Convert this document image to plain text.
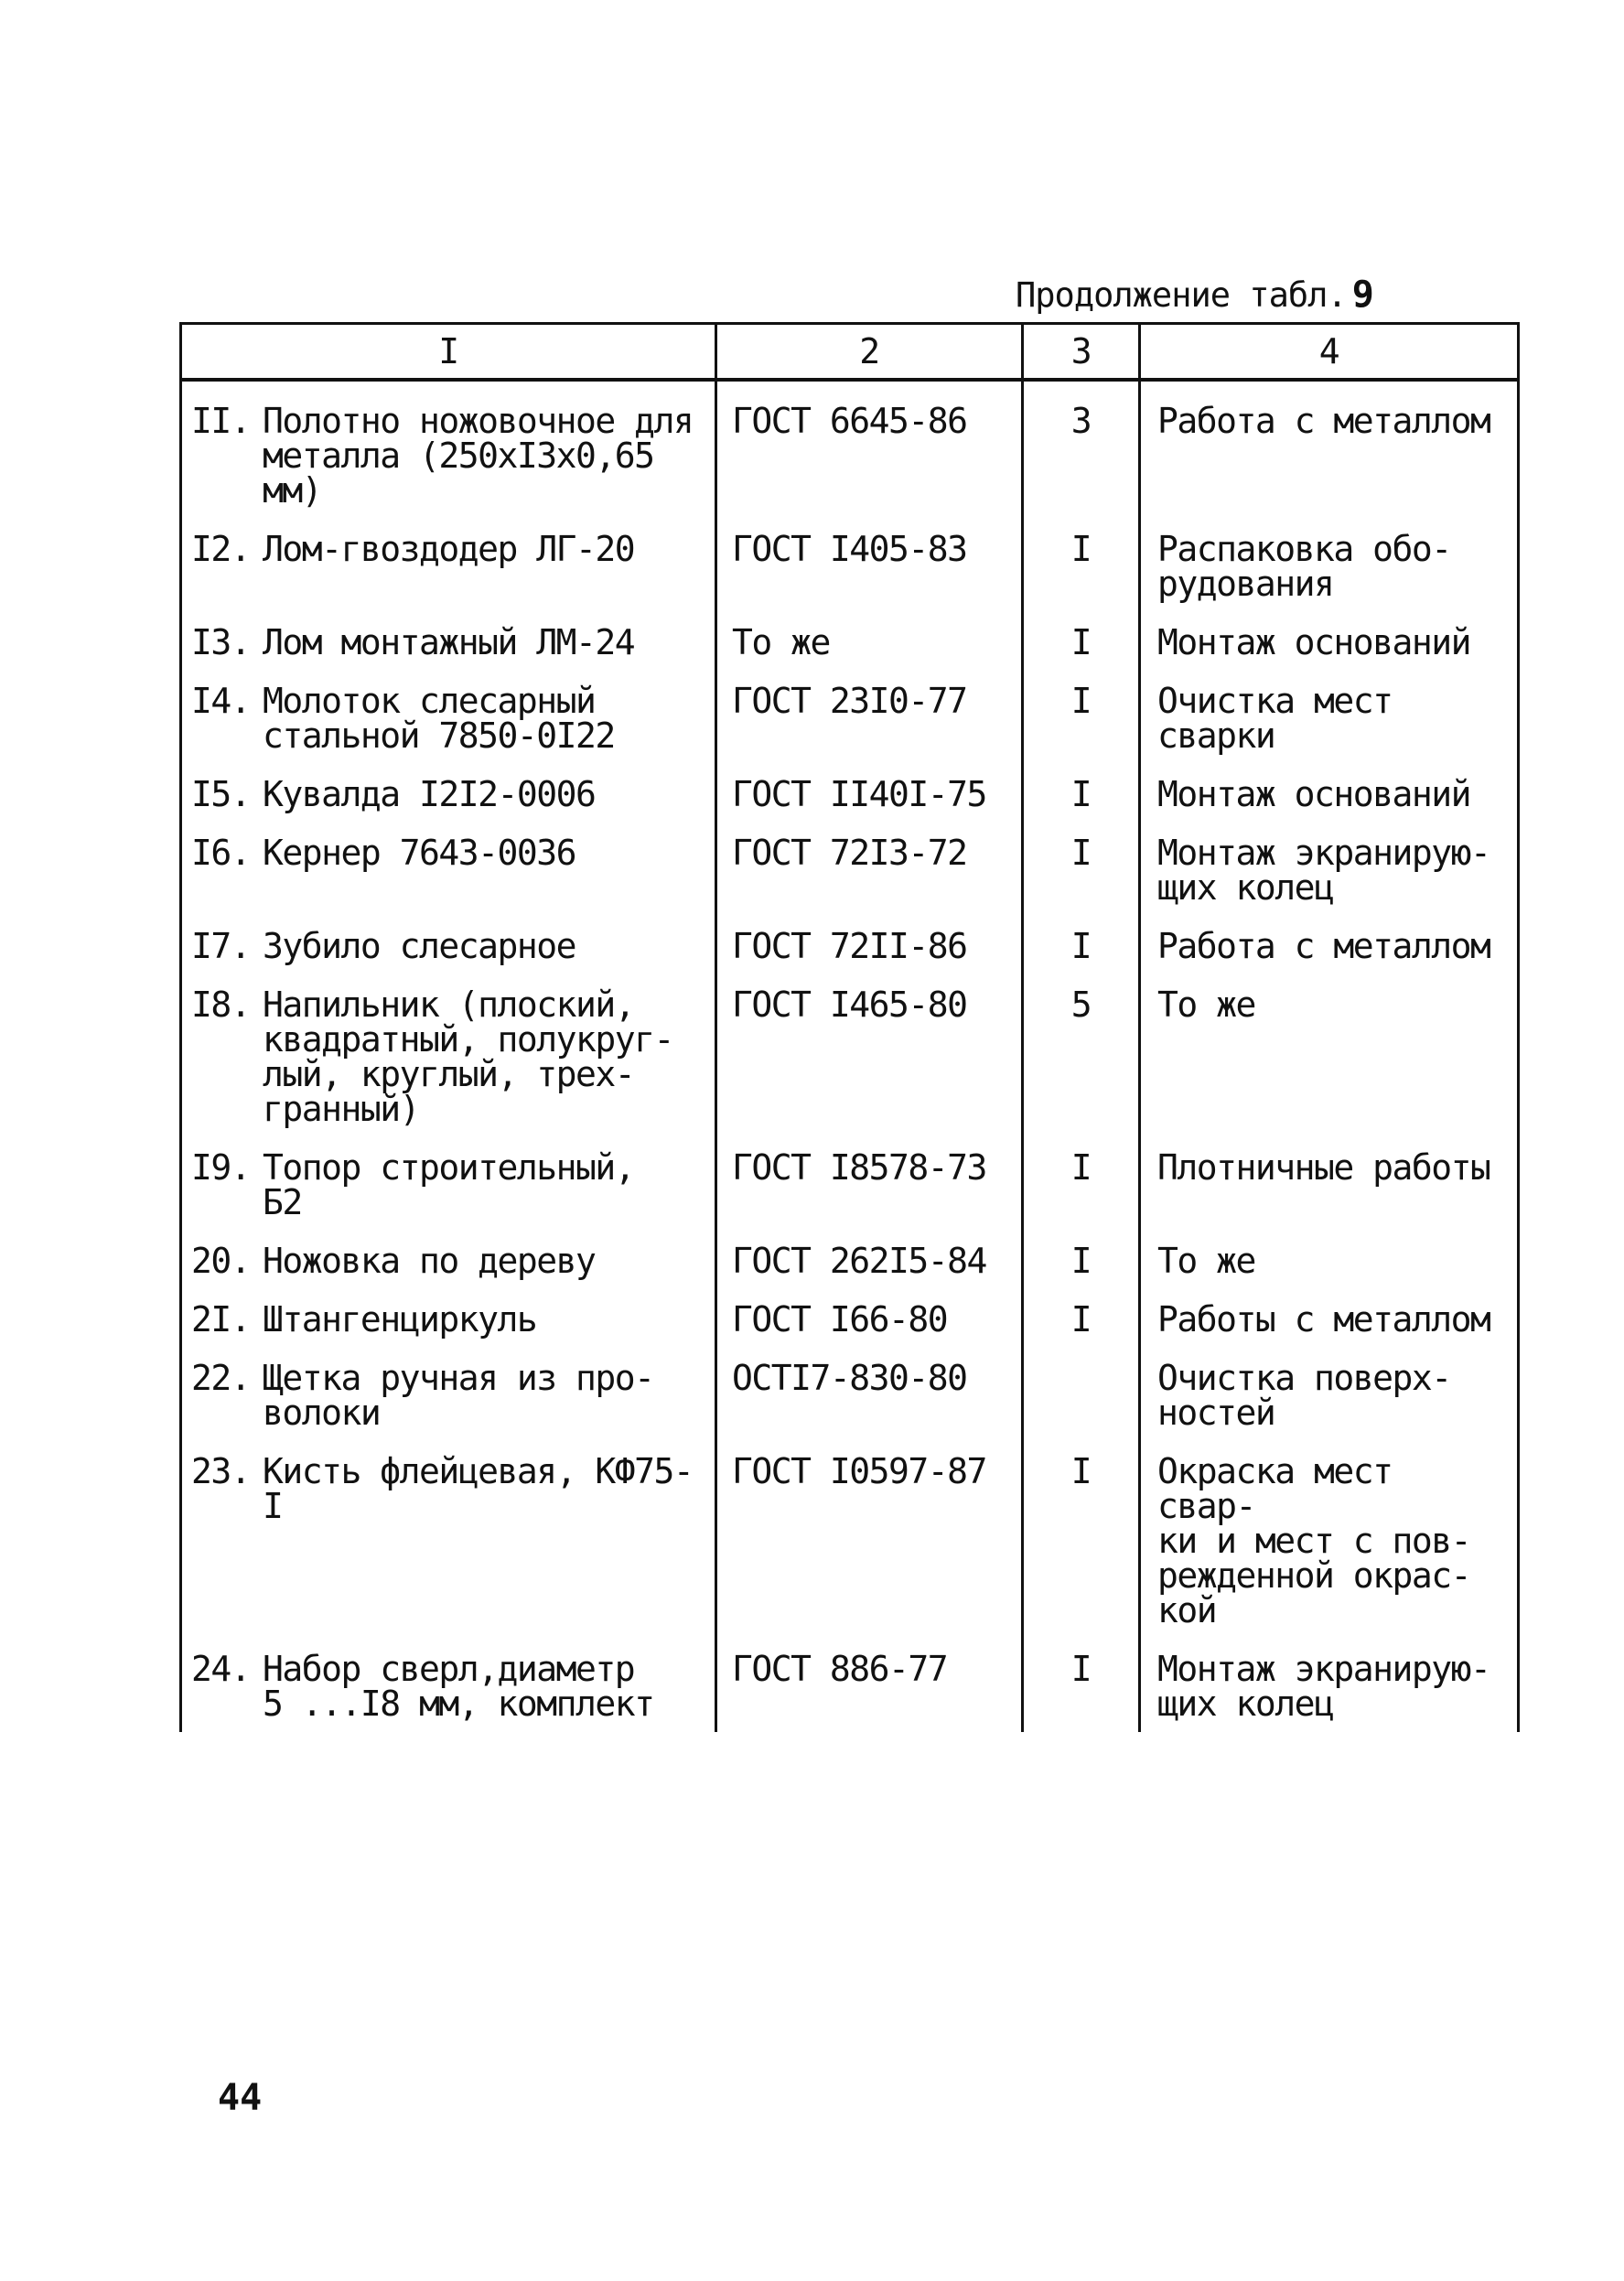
Продолжение табл. 9
I	2	3	4

II. Полотно ножовочное для
металла (250хI3х0,65 мм)	ГОСТ 6645-86	3	Работа с металлом

I2. Лом-гвоздодер ЛГ-20	ГОСТ I405-83	I	Распаковка обо-
рудования

I3. Лом монтажный ЛМ-24	То же	I	Монтаж оснований

I4. Молоток слесарный
стальной 7850-0I22	ГОСТ 23I0-77	I	Очистка мест
сварки

I5. Кувалда I2I2-0006	ГОСТ II40I-75	I	Монтаж оснований

I6. Кернер 7643-0036	ГОСТ 72I3-72	I	Монтаж экранирую-
щих колец

I7. Зубило слесарное	ГОСТ 72II-86	I	Работа с металлом

I8. Напильник (плоский,
квадратный, полукруг-
лый, круглый, трех-
гранный)	ГОСТ I465-80	5	То же

I9. Топор строительный,
Б2	ГОСТ I8578-73	I	Плотничные работы

20. Ножовка по дереву	ГОСТ 262I5-84	I	То же

2I. Штангенциркуль	ГОСТ I66-80	I	Работы с металлом

22. Щетка ручная из про-
волоки	ОСТI7-830-80		Очистка поверх-
ностей

23. Кисть флейцевая, КФ75-I	ГОСТ I0597-87	I	Окраска мест свар-
ки и мест с пов-
режденной окрас-
кой

24. Набор сверл,диаметр
5 ...I8 мм, комплект	ГОСТ 886-77	I	Монтаж экранирую-
щих колец
44
